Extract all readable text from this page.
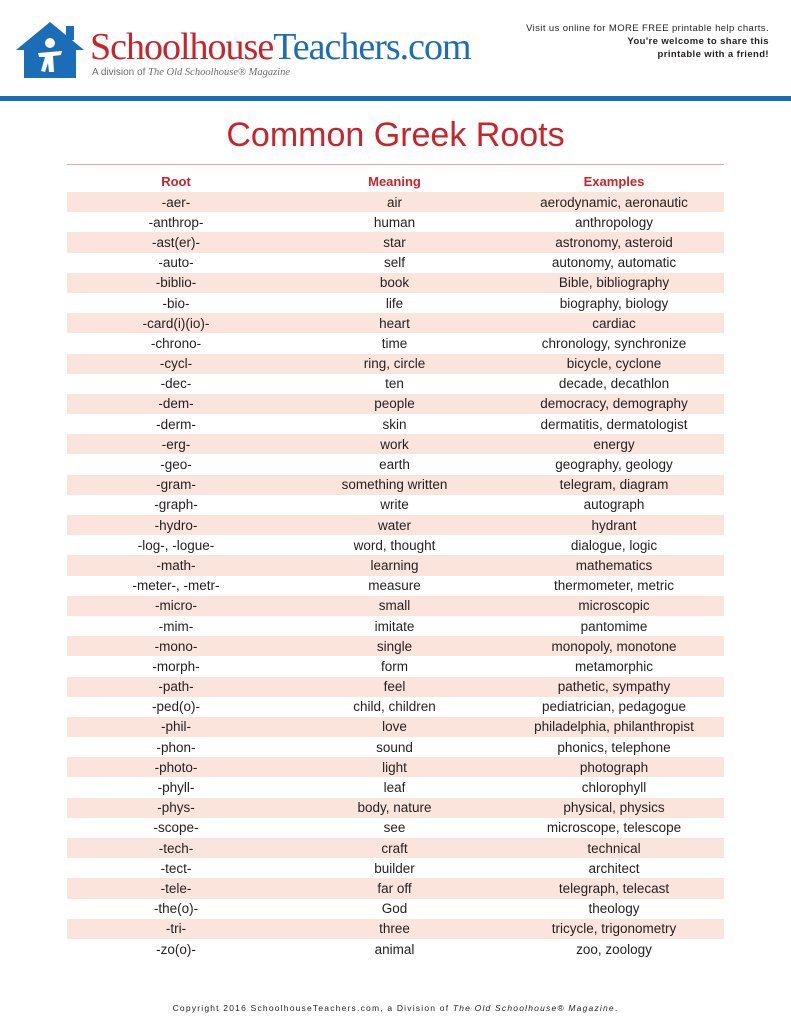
SchoolhouseTeachers.com
A division of The Old Schoolhouse® Magazine
Visit us online for MORE FREE printable help charts.
You're welcome to share this
printable with a friend!
Common Greek Roots
Root	Meaning	Examples
-aer-	air	aerodynamic, aeronautic
-anthrop-	human	anthropology
-ast(er)-	star	astronomy, asteroid
-auto-	self	autonomy, automatic
-biblio-	book	Bible, bibliography
-bio-	life	biography, biology
-card(i)(io)-	heart	cardiac
-chrono-	time	chronology, synchronize
-cycl-	ring, circle	bicycle, cyclone
-dec-	ten	decade, decathlon
-dem-	people	democracy, demography
-derm-	skin	dermatitis, dermatologist
-erg-	work	energy
-geo-	earth	geography, geology
-gram-	something written	telegram, diagram
-graph-	write	autograph
-hydro-	water	hydrant
-log-, -logue-	word, thought	dialogue, logic
-math-	learning	mathematics
-meter-, -metr-	measure	thermometer, metric
-micro-	small	microscopic
-mim-	imitate	pantomime
-mono-	single	monopoly, monotone
-morph-	form	metamorphic
-path-	feel	pathetic, sympathy
-ped(o)-	child, children	pediatrician, pedagogue
-phil-	love	philadelphia, philanthropist
-phon-	sound	phonics, telephone
-photo-	light	photograph
-phyll-	leaf	chlorophyll
-phys-	body, nature	physical, physics
-scope-	see	microscope, telescope
-tech-	craft	technical
-tect-	builder	architect
-tele-	far off	telegraph, telecast
-the(o)-	God	theology
-tri-	three	tricycle, trigonometry
-zo(o)-	animal	zoo, zoology
Copyright 2016 SchoolhouseTeachers.com, a Division of The Old Schoolhouse® Magazine.
